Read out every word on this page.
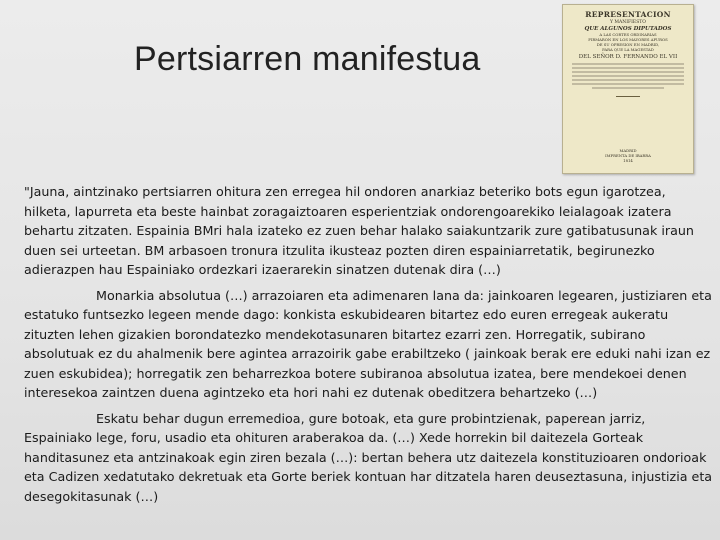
Pertsiarren manifestua
REPRESENTACION
Y MANIFIESTO
QUE ALGUNOS DIPUTADOS
A LAS CORTES ORDINARIAS
FIRMARON EN LOS MAYORES APUROS
DE SU OPRESION EN MADRID,
PARA QUE LA MAGESTAD
DEL SEÑOR D. FERNANDO EL VII
MADRID
IMPRENTA DE IBARRA
1814

"Jauna, aintzinako pertsiarren ohitura zen erregea hil ondoren anarkiaz beteriko bots egun igarotzea, hilketa, lapurreta eta beste hainbat zoragaiztoaren esperientziak ondorengoarekiko leialagoak izatera behartu zitzaten. Espainia BMri hala izateko ez zuen behar halako saiakuntzarik zure gatibatusunak iraun duen sei urteetan. BM arbasoen tronura itzulita ikusteaz pozten diren espainiarretatik, begirunezko adierazpen hau Espainiako ordezkari izaerarekin sinatzen dutenak dira (…)

Monarkia absolutua (…) arrazoiaren eta adimenaren lana da: jainkoaren legearen, justiziaren eta estatuko funtsezko legeen mende dago: konkista eskubidearen bitartez edo euren erregeak aukeratu zituzten lehen gizakien borondatezko mendekotasunaren bitartez ezarri zen. Horregatik, subirano absolutuak ez du ahalmenik bere agintea arrazoirik gabe erabiltzeko ( jainkoak berak ere eduki nahi izan ez zuen eskubidea); horregatik zen beharrezkoa botere subiranoa absolutua izatea, bere mendekoei denen interesekoa zaintzen duena agintzeko eta hori nahi ez dutenak obeditzera behartzeko (…)

Eskatu behar dugun erremedioa, gure botoak, eta gure probintzienak, paperean jarriz, Espainiako lege, foru, usadio eta ohituren araberakoa da. (…) Xede horrekin bil daitezela Gorteak handitasunez eta antzinakoak egin ziren bezala (…): bertan behera utz daitezela konstituzioaren ondorioak eta Cadizen xedatutako dekretuak eta Gorte beriek kontuan har ditzatela haren deuseztasuna, injustizia eta desegokitasunak (…)
